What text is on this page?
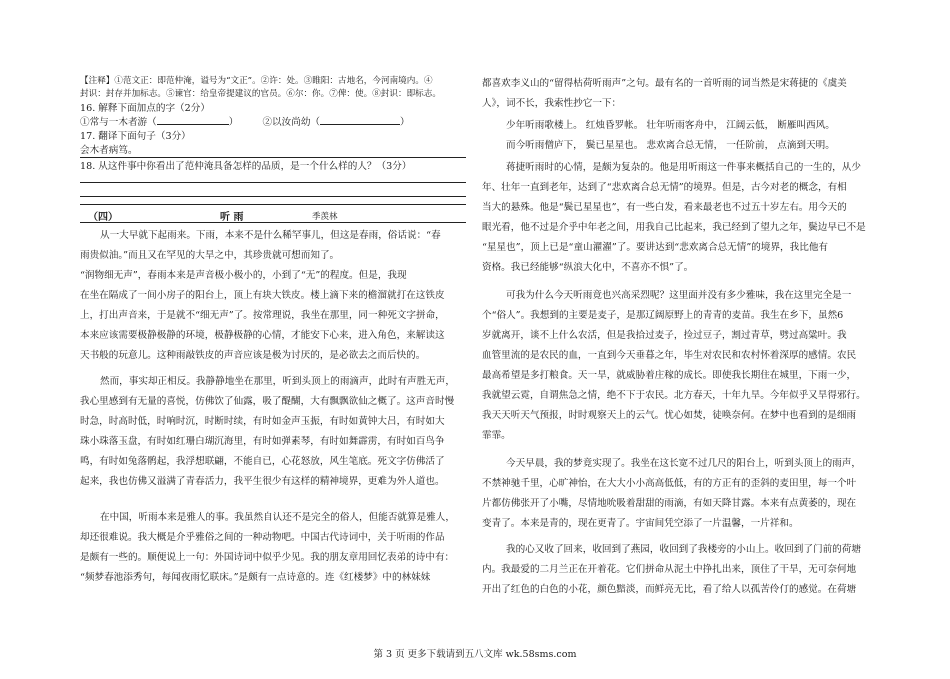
【注释】①范文正：即范仲淹，谥号为“文正”。②许：处。③睢阳：古地名，今河南境内。④
封识：封存并加标志。⑤谏官：给皇帝提建议的官员。⑥尔：你。⑦俾：使。⑧封识：即标志。
16. 解释下面加点的字（2分）
①常与一木者游（	）	②以汝尚幼（	）
17. 翻译下面句子（3分）
会木者病笃。
18. 从这件事中你看出了范仲淹具备怎样的品质，是一个什么样的人？（3分）
（四）	听 雨	季羡林
从一大早就下起雨来。下雨，本来不是什么稀罕事儿，但这是春雨，俗话说：“春
雨贵似油。”而且又在罕见的大旱之中，其珍贵就可想而知了。
“润物细无声”，春雨本来是声音极小极小的，小到了“无”的程度。但是，我现
在坐在隔成了一间小房子的阳台上，顶上有块大铁皮。楼上滴下来的檐溜就打在这铁皮
上，打出声音来，于是就不“细无声”了。按常理说，我坐在那里，同一种死文字拼命，
本来应该需要极静极静的环境，极静极静的心情，才能安下心来，进入角色，来解读这
天书般的玩意儿。这种雨敲铁皮的声音应该是极为讨厌的，是必欲去之而后快的。
然而，事实却正相反。我静静地坐在那里，听到头顶上的雨滴声，此时有声胜无声，
我心里感到有无量的喜悦，仿佛饮了仙露，吸了醍醐，大有飘飘欲仙之概了。这声音时慢
时急，时高时低，时响时沉，时断时续，有时如金声玉振，有时如黄钟大吕，有时如大
珠小珠落玉盘，有时如红珊白瑚沉海里，有时如弹素琴，有时如舞霹雳，有时如百鸟争
鸣，有时如兔落鹘起，我浮想联翩，不能自已，心花怒放，风生笔底。死文字仿佛活了
起来，我也仿佛又溢满了青春活力，我平生很少有这样的精神境界，更难为外人道也。
在中国，听雨本来是雅人的事。我虽然自认还不是完全的俗人，但能否就算是雅人，
却还很难说。我大概是介乎雅俗之间的一种动物吧。中国古代诗词中，关于听雨的作品
是颇有一些的。顺便说上一句：外国诗词中似乎少见。我的朋友章用回忆表弟的诗中有：
“频梦春池添秀句，每闻夜雨忆联床。”是颇有一点诗意的。连《红楼梦》中的林妹妹
都喜欢李义山的“留得枯荷听雨声”之句。最有名的一首听雨的词当然是宋蒋捷的《虞美
人》，词不长，我索性抄它一下：
少年听雨歌楼上。 红烛昏罗帐。 壮年听雨客舟中， 江阔云低， 断雁叫西风。
而今听雨僧庐下， 鬓已星星也。 悲欢离合总无情， 一任阶前， 点滴到天明。
蒋捷听雨时的心情，是颇为复杂的。他是用听雨这一件事来概括自己的一生的，从少
年、壮年一直到老年，达到了“悲欢离合总无情”的境界。但是，古今对老的概念，有相
当大的悬殊。他是“鬓已星星也”，有一些白发，看来最老也不过五十岁左右。用今天的
眼光看，他不过是介乎中年老之间，用我自己比起来，我已经到了望九之年，鬓边早已不是
“星星也”，顶上已是“童山濯濯”了。要讲达到“悲欢离合总无情”的境界，我比他有
资格。我已经能够“纵浪大化中，不喜亦不惧”了。
可我为什么今天听雨竟也兴高采烈呢？这里面并没有多少雅味，我在这里完全是一
个“俗人”。我想到的主要是麦子，是那辽阔原野上的青青的麦苗。我生在乡下，虽然6
岁就离开，谈不上什么农活，但是我拾过麦子，捡过豆子，割过青草，劈过高粱叶。我
血管里流的是农民的血，一直到今天垂暮之年，毕生对农民和农村怀着深厚的感情。农民
最高希望是多打粮食。天一旱，就威胁着庄稼的成长。即使我长期住在城里，下雨一少，
我就望云霓，自谓焦急之情，绝不下于农民。北方春天，十年九旱。今年似乎又旱得邪行。
我天天听天气预报，时时观察天上的云气。忧心如焚，徒唤奈何。在梦中也看到的是细雨
霏霏。
今天早晨，我的梦竟实现了。我坐在这长宽不过几尺的阳台上，听到头顶上的雨声，
不禁神驰千里，心旷神怡，在大大小小高高低低，有的方正有的歪斜的麦田里，每一个叶
片都仿佛张开了小嘴，尽情地吮吸着甜甜的雨滴，有如天降甘露。本来有点黄萎的，现在
变青了。本来是青的，现在更青了。宇宙间凭空添了一片温馨，一片祥和。
我的心又收了回来，收回到了燕园，收回到了我楼旁的小山上。收回到了门前的荷塘
内。我最爱的二月兰正在开着花。它们拼命从泥土中挣扎出来，顶住了干旱，无可奈何地
开出了红色的白色的小花，颜色黯淡，而鲜亮无比，看了给人以孤苦伶仃的感觉。在荷塘
第 3 页 更多下载请到五八文库 wk.58sms.com
